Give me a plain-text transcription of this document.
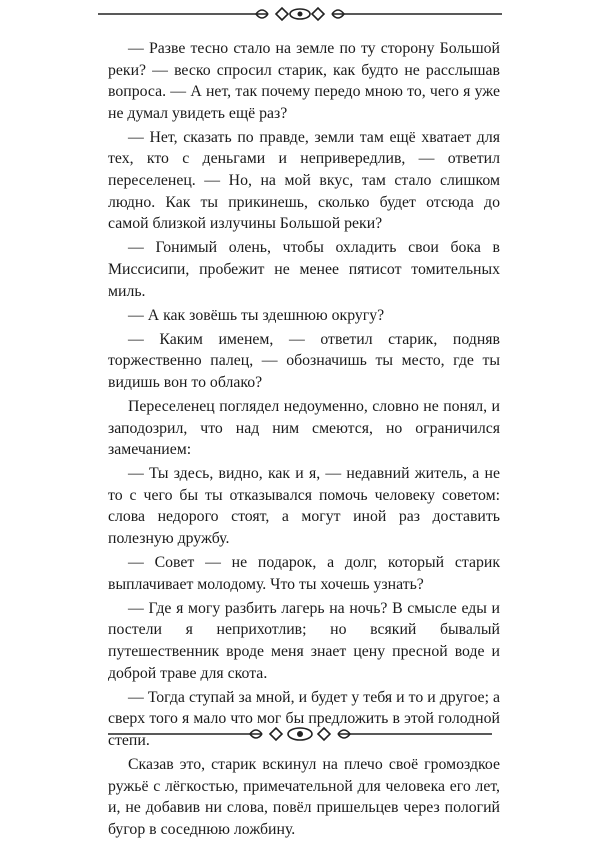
— Разве тесно стало на земле по ту сторону Большой реки? — веско спросил старик, как будто не расслышав вопроса. — А нет, так почему передо мною то, чего я уже не думал увидеть ещё раз?

— Нет, сказать по правде, земли там ещё хватает для тех, кто с деньгами и непривередлив, — ответил переселенец. — Но, на мой вкус, там стало слишком людно. Как ты прикинешь, сколько будет отсюда до самой близкой излучины Большой реки?

— Гонимый олень, чтобы охладить свои бока в Миссисипи, пробежит не менее пятисот томительных миль.

— А как зовёшь ты здешнюю округу?

— Каким именем, — ответил старик, подняв торжественно палец, — обозначишь ты место, где ты видишь вон то облако?

Переселенец поглядел недоуменно, словно не понял, и заподозрил, что над ним смеются, но ограничился замечанием:

— Ты здесь, видно, как и я, — недавний житель, а не то с чего бы ты отказывался помочь человеку советом: слова недорого стоят, а могут иной раз доставить полезную дружбу.

— Совет — не подарок, а долг, который старик выплачивает молодому. Что ты хочешь узнать?

— Где я могу разбить лагерь на ночь? В смысле еды и постели я неприхотлив; но всякий бывалый путешественник вроде меня знает цену пресной воде и доброй траве для скота.

— Тогда ступай за мной, и будет у тебя и то и другое; а сверх того я мало что мог бы предложить в этой голодной степи.

Сказав это, старик вскинул на плечо своё громоздкое ружьё с лёгкостью, примечательной для человека его лет, и, не добавив ни слова, повёл пришельцев через пологий бугор в соседнюю ложбину.
